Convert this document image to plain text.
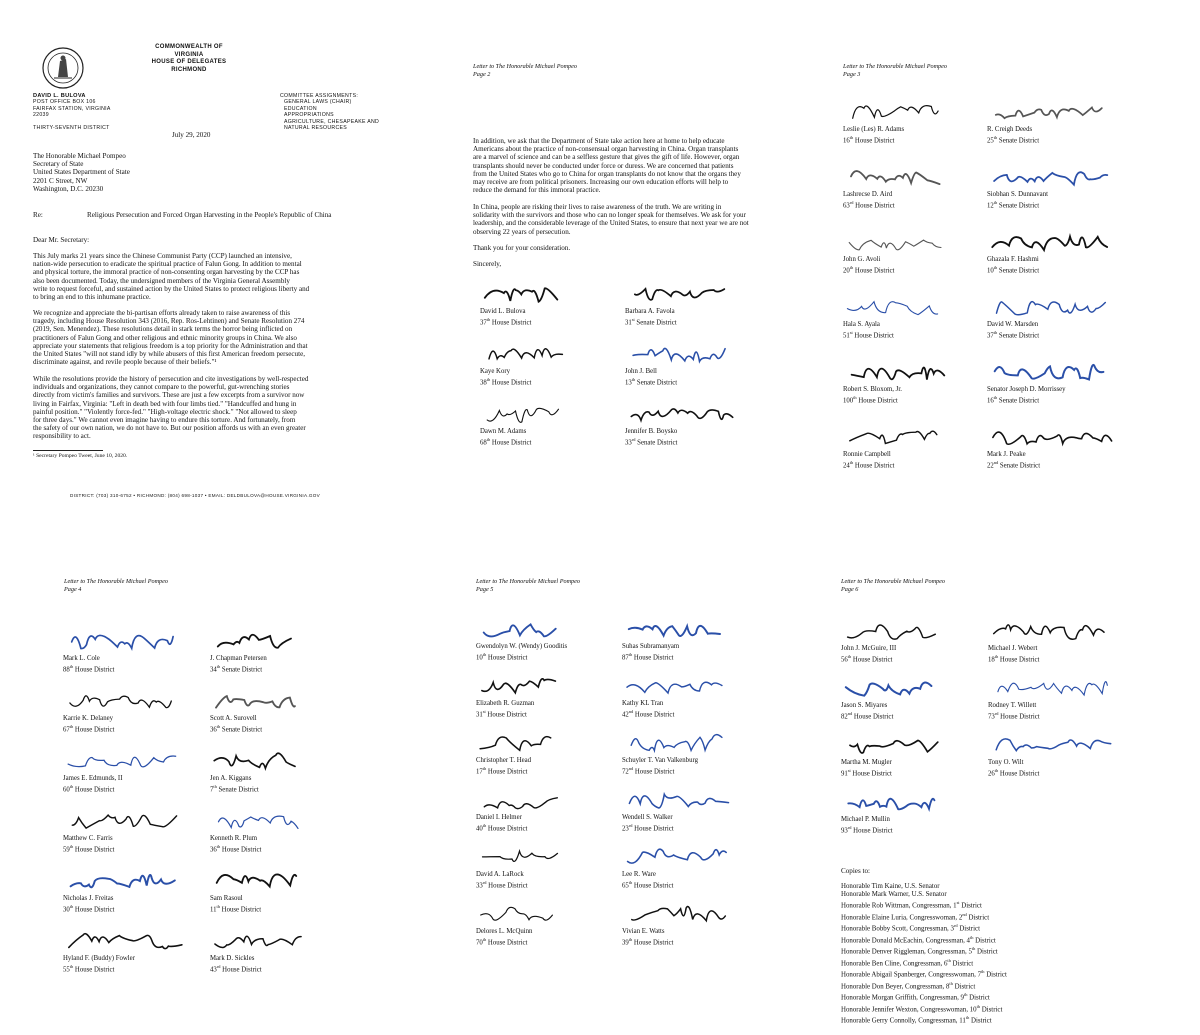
COMMONWEALTH OF VIRGINIA
HOUSE OF DELEGATES
RICHMOND
DAVID L. BULOVA
POST OFFICE BOX 106
FAIRFAX STATION, VIRGINIA 22039
THIRTY-SEVENTH DISTRICT
COMMITTEE ASSIGNMENTS:
GENERAL LAWS (CHAIR)
EDUCATION
APPROPRIATIONS
AGRICULTURE, CHESAPEAKE AND
NATURAL RESOURCES
July 29, 2020
The Honorable Michael Pompeo
Secretary of State
United States Department of State
2201 C Street, NW
Washington, D.C. 20230
Re:	Religious Persecution and Forced Organ Harvesting in the People's Republic of China
Dear Mr. Secretary:
This July marks 21 years since the Chinese Communist Party (CCP) launched an intensive,
nation-wide persecution to eradicate the spiritual practice of Falun Gong. In addition to mental
and physical torture, the immoral practice of non-consenting organ harvesting by the CCP has
also been documented. Today, the undersigned members of the Virginia General Assembly
write to request forceful, and sustained action by the United States to protect religious liberty and
to bring an end to this inhumane practice.
We recognize and appreciate the bi-partisan efforts already taken to raise awareness of this
tragedy, including House Resolution 343 (2016, Rep. Ros-Lehtinen) and Senate Resolution 274
(2019, Sen. Menendez). These resolutions detail in stark terms the horror being inflicted on
practitioners of Falun Gong and other religious and ethnic minority groups in China. We also
appreciate your statements that religious freedom is a top priority for the Administration and that
the United States "will not stand idly by while abusers of this first American freedom persecute,
discriminate against, and revile people because of their beliefs."¹
While the resolutions provide the history of persecution and cite investigations by well-respected
individuals and organizations, they cannot compare to the powerful, gut-wrenching stories
directly from victim's families and survivors. These are just a few excerpts from a survivor now
living in Fairfax, Virginia: "Left in death bed with four limbs tied." "Handcuffed and hung in
painful position." "Violently force-fed." "High-voltage electric shock." "Not allowed to sleep
for three days." We cannot even imagine having to endure this torture. And fortunately, from
the safety of our own nation, we do not have to. But our position affords us with an even greater
responsibility to act.
¹ Secretary Pompeo Tweet, June 10, 2020.
DISTRICT: (703) 310-6752 • RICHMOND: (804) 698-1037 • EMAIL: DELDBULOVA@HOUSE.VIRGINIA.GOV
Letter to The Honorable Michael Pompeo
Page 2
In addition, we ask that the Department of State take action here at home to help educate
Americans about the practice of non-consensual organ harvesting in China. Organ transplants
are a marvel of science and can be a selfless gesture that gives the gift of life. However, organ
transplants should never be conducted under force or duress. We are concerned that patients
from the United States who go to China for organ transplants do not know that the organs they
may receive are from political prisoners. Increasing our own education efforts will help to
reduce the demand for this immoral practice.
In China, people are risking their lives to raise awareness of the truth. We are writing in
solidarity with the survivors and those who can no longer speak for themselves. We ask for your
leadership, and the considerable leverage of the United States, to ensure that next year we are not
observing 22 years of persecution.
Thank you for your consideration.
Sincerely,
David L. Bulova
37th House District
Barbara A. Favola
31st Senate District
Kaye Kory
38th House District
John J. Bell
13th Senate District
Dawn M. Adams
68th House District
Jennifer B. Boysko
33rd Senate District
Letter to The Honorable Michael Pompeo
Page 3
Leslie (Les) R. Adams
16th House District
R. Creigh Deeds
25th Senate District
Lashrecse D. Aird
63rd House District
Siobhan S. Dunnavant
12th Senate District
John G. Avoli
20th House District
Ghazala F. Hashmi
10th Senate District
Hala S. Ayala
51st House District
David W. Marsden
37th Senate District
Robert S. Bloxom, Jr.
100th House District
Senator Joseph D. Morrissey
16th Senate District
Ronnie Campbell
24th House District
Mark J. Peake
22nd Senate District
Letter to The Honorable Michael Pompeo
Page 4
Mark L. Cole
88th House District
J. Chapman Petersen
34th Senate District
Karrie K. Delaney
67th House District
Scott A. Surovell
36th Senate District
James E. Edmunds, II
60th House District
Jen A. Kiggans
7th Senate District
Matthew C. Farris
59th House District
Kenneth R. Plum
36th House District
Nicholas J. Freitas
30th House District
Sam Rasoul
11th House District
Hyland F. (Buddy) Fowler
55th House District
Mark D. Sickles
43rd House District
Letter to The Honorable Michael Pompeo
Page 5
Gwendolyn W. (Wendy) Gooditis
10th House District
Suhas Subramanyam
87th House District
Elizabeth R. Guzman
31st House District
Kathy KL Tran
42nd House District
Christopher T. Head
17th House District
Schuyler T. Van Valkenburg
72nd House District
Daniel I. Helmer
40th House District
Wendell S. Walker
23rd House District
David A. LaRock
33rd House District
Lee R. Ware
65th House District
Delores L. McQuinn
70th House District
Vivian E. Watts
39th House District
Letter to The Honorable Michael Pompeo
Page 6
John J. McGuire, III
56th House District
Michael J. Webert
18th House District
Jason S. Miyares
82nd House District
Rodney T. Willett
73rd House District
Martha M. Mugler
91st House District
Tony O. Wilt
26th House District
Michael P. Mullin
93rd House District
Copies to:
Honorable Tim Kaine, U.S. Senator
Honorable Mark Warner, U.S. Senator
Honorable Rob Wittman, Congressman, 1st District
Honorable Elaine Luria, Congresswoman, 2nd District
Honorable Bobby Scott, Congressman, 3rd District
Honorable Donald McEachin, Congressman, 4th District
Honorable Denver Riggleman, Congressman, 5th District
Honorable Ben Cline, Congressman, 6th District
Honorable Abigail Spanberger, Congresswoman, 7th District
Honorable Don Beyer, Congressman, 8th District
Honorable Morgan Griffith, Congressman, 9th District
Honorable Jennifer Wexton, Congresswoman, 10th District
Honorable Gerry Connolly, Congressman, 11th District
